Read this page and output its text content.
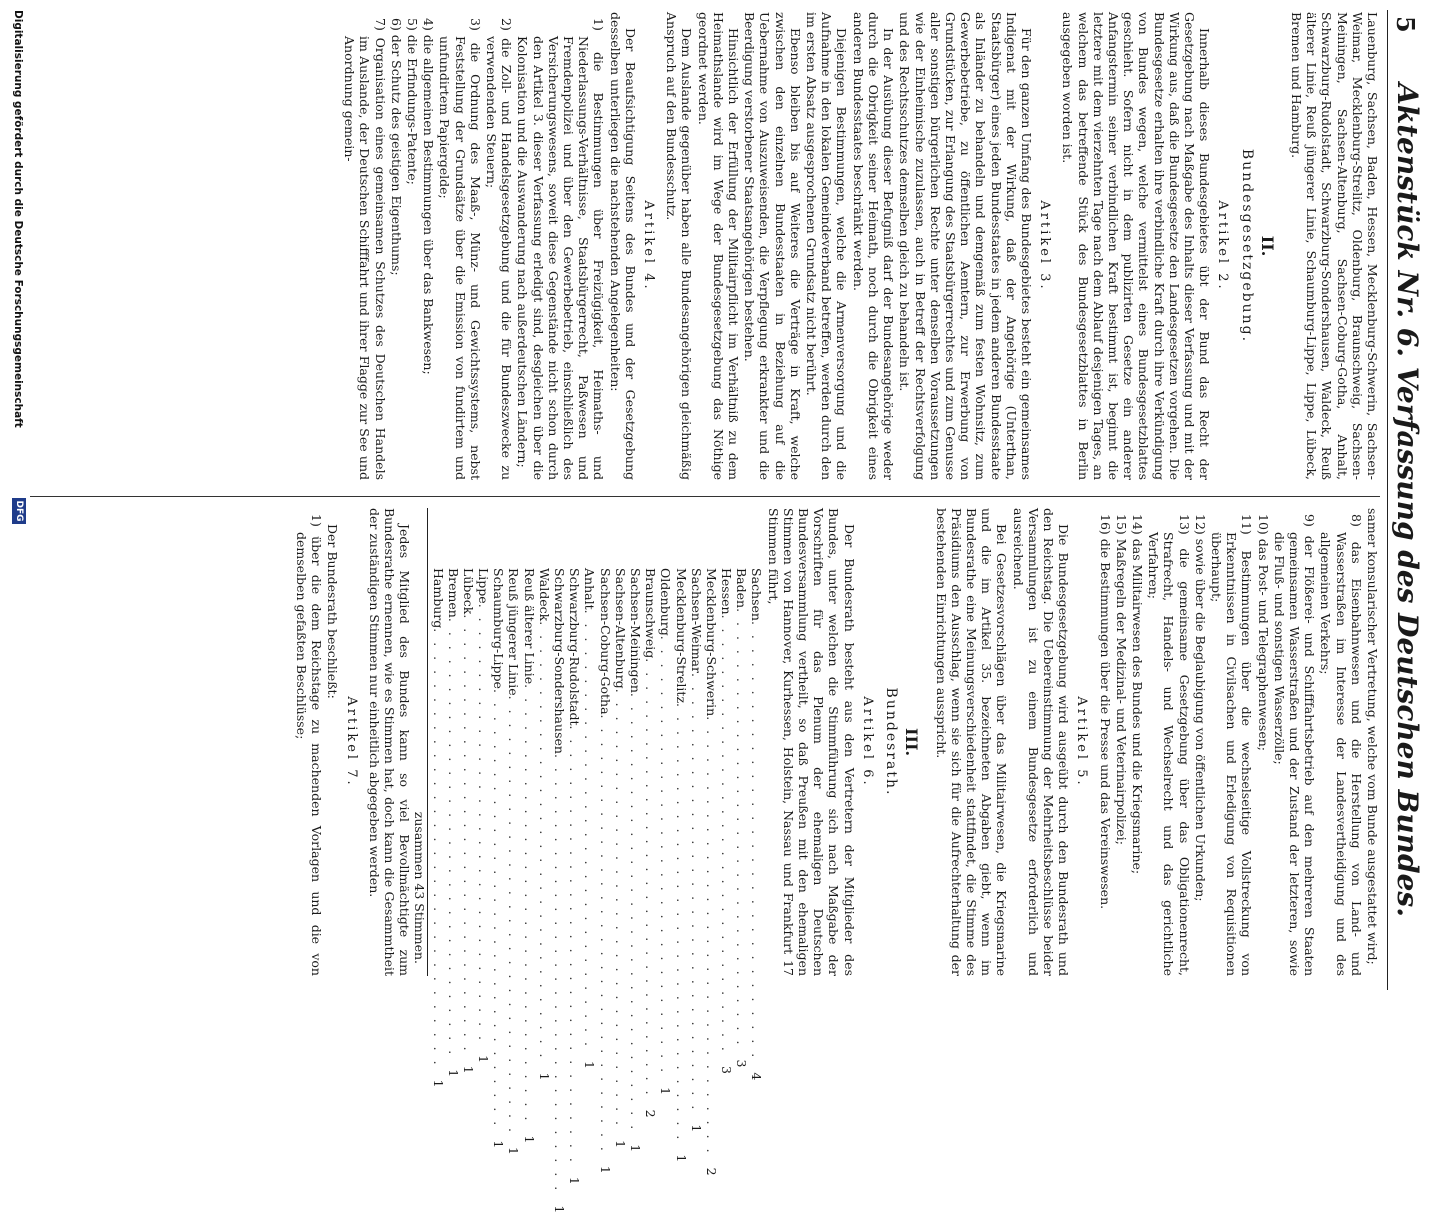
5
Aktenstück Nr. 6. Verfassung des Deutschen Bundes.

Lauenburg, Sachsen, Baden, Hessen, Mecklenburg-Schwerin, Sachsen-Weimar, Mecklenburg-Strelitz, Oldenburg, Braunschweig, Sachsen-Meiningen, Sachsen-Altenburg, Sachsen-Coburg-Gotha, Anhalt, Schwarzburg-Rudolstadt, Schwarzburg-Sondershausen, Waldeck, Reuß älterer Linie, Reuß jüngerer Linie, Schaumburg-Lippe, Lippe, Lübeck, Bremen und Hamburg.

II.
Bundesgesetzgebung.
Artikel 2.

Innerhalb dieses Bundesgebietes übt der Bund das Recht der Gesetzgebung nach Maßgabe des Inhalts dieser Verfassung und mit der Wirkung aus, daß die Bundesgesetze den Landesgesetzen vorgehen. Die Bundesgesetze erhalten ihre verbindliche Kraft durch ihre Verkündigung von Bundes wegen, welche vermittelst eines Bundesgesetzblattes geschieht. Sofern nicht in dem publizirten Gesetze ein anderer Anfangstermin seiner verbindlichen Kraft bestimmt ist, beginnt die letztere mit dem vierzehnten Tage nach dem Ablauf desjenigen Tages, an welchem das betreffende Stück des Bundesgesetzblattes in Berlin ausgegeben worden ist.

Artikel 3.

Für den ganzen Umfang des Bundesgebietes besteht ein gemeinsames Indigenat mit der Wirkung, daß der Angehörige (Unterthan, Staatsbürger) eines jeden Bundesstaates in jedem anderen Bundesstaate als Inländer zu behandeln und demgemäß zum festen Wohnsitz, zum Gewerbebetriebe, zu öffentlichen Aemtern, zur Erwerbung von Grundstücken, zur Erlangung des Staatsbürgerrechtes und zum Genusse aller sonstigen bürgerlichen Rechte unter denselben Voraussetzungen wie der Einheimische zuzulassen, auch in Betreff der Rechtsverfolgung und des Rechtsschutzes demselben gleich zu behandeln ist.

In der Ausübung dieser Befugniß darf der Bundesangehörige weder durch die Obrigkeit seiner Heimath, noch durch die Obrigkeit eines anderen Bundesstaates beschränkt werden.

Diejenigen Bestimmungen, welche die Armenversorgung und die Aufnahme in den lokalen Gemeindeverband betreffen, werden durch den im ersten Absatz ausgesprochenen Grundsatz nicht berührt.

Ebenso bleiben bis auf Weiteres die Verträge in Kraft, welche zwischen den einzelnen Bundesstaaten in Beziehung auf die Uebernahme von Auszuweisenden, die Verpflegung erkrankter und die Beerdigung verstorbener Staatsangehörigen bestehen.

Hinsichtlich der Erfüllung der Militairpflicht im Verhältniß zu dem Heimathslande wird im Wege der Bundesgesetzgebung das Nöthige geordnet werden.

Dem Auslande gegenüber haben alle Bundesangehörigen gleichmäßig Anspruch auf den Bundesschutz.

Artikel 4.

Der Beaufsichtigung Seitens des Bundes und der Gesetzgebung desselben unterliegen die nachstehenden Angelegenheiten:

1) die Bestimmungen über Freizügigkeit, Heimaths- und Niederlassungs-Verhältnisse, Staatsbürgerrecht, Paßwesen und Fremdenpolizei und über den Gewerbebetrieb, einschließlich des Versicherungswesens, soweit diese Gegenstände nicht schon durch den Artikel 3. dieser Verfassung erledigt sind, desgleichen über die Kolonisation und die Auswanderung nach außerdeutschen Ländern;

2) die Zoll- und Handelsgesetzgebung und die für Bundeszwecke zu verwendenden Steuern;

3) die Ordnung des Maaß-, Münz- und Gewichtssystems, nebst Feststellung der Grundsätze über die Emission von fundirtem und unfundirtem Papiergelde;

4) die allgemeinen Bestimmungen über das Bankwesen;

5) die Erfindungs-Patente;

6) der Schutz des geistigen Eigenthums;

7) Organisation eines gemeinsamen Schutzes des Deutschen Handels im Auslande, der Deutschen Schifffahrt und ihrer Flagge zur See und Anordnung gemein-

samer konsularischer Vertretung, welche vom Bunde ausgestattet wird;

8) das Eisenbahnwesen und die Herstellung von Land- und Wasserstraßen im Interesse der Landesvertheidigung und des allgemeinen Verkehrs;

9) der Flößerei- und Schifffahrtsbetrieb auf den mehreren Staaten gemeinsamen Wasserstraßen und der Zustand der letzteren, sowie die Fluß- und sonstigen Wasserzölle;

10) das Post- und Telegraphenwesen;

11) Bestimmungen über die wechselseitige Vollstreckung von Erkenntnissen in Civilsachen und Erledigung von Requisitionen überhaupt;

12) sowie über die Beglaubigung von öffentlichen Urkunden;

13) die gemeinsame Gesetzgebung über das Obligationenrecht, Strafrecht, Handels- und Wechselrecht und das gerichtliche Verfahren;

14) das Militairwesen des Bundes und die Kriegsmarine;

15) Maßregeln der Medizinal- und Veterinairpolizei;

16) die Bestimmungen über die Presse und das Vereinswesen.

Artikel 5.

Die Bundesgesetzgebung wird ausgeübt durch den Bundesrath und den Reichstag. Die Uebereinstimmung der Mehrheitsbeschlüsse beider Versammlungen ist zu einem Bundesgesetze erforderlich und ausreichend.

Bei Gesetzesvorschlägen über das Militairwesen, die Kriegsmarine und die im Artikel 35. bezeichneten Abgaben giebt, wenn im Bundesrathe eine Meinungsverschiedenheit stattfindet, die Stimme des Präsidiums den Ausschlag, wenn sie sich für die Aufrechterhaltung der bestehenden Einrichtungen ausspricht.

III.
Bundesrath.
Artikel 6.

Der Bundesrath besteht aus den Vertretern der Mitglieder des Bundes, unter welchen die Stimmführung sich nach Maßgabe der Vorschriften für das Plenum der ehemaligen Deutschen Bundesversammlung vertheilt, so daß Preußen mit den ehemaligen Stimmen von Hannover, Kurhessen, Holstein, Nassau und Frankfurt 17 Stimmen führt,

Sachsen
. . . . . . . . . . . . . . . . . . . . . . . . . . . . . . . .
4
Baden
. . . . . . . . . . . . . . . . . . . . . . . . . . . . . . . .
3
Hessen
. . . . . . . . . . . . . . . . . . . . . . . . . . . . . . . .
3
Mecklenburg-Schwerin
. . . . . . . . . . . . . . . . . . . . . . . . . . . . . . . .
2
Sachsen-Weimar
. . . . . . . . . . . . . . . . . . . . . . . . . . . . . . . .
1
Mecklenburg-Strelitz
. . . . . . . . . . . . . . . . . . . . . . . . . . . . . . . .
1
Oldenburg
. . . . . . . . . . . . . . . . . . . . . . . . . . . . . . . .
1
Braunschweig
. . . . . . . . . . . . . . . . . . . . . . . . . . . . . . . .
2
Sachsen-Meiningen
. . . . . . . . . . . . . . . . . . . . . . . . . . . . . . . .
1
Sachsen-Altenburg
. . . . . . . . . . . . . . . . . . . . . . . . . . . . . . . .
1
Sachsen-Coburg-Gotha
. . . . . . . . . . . . . . . . . . . . . . . . . . . . . . . .
1
Anhalt
. . . . . . . . . . . . . . . . . . . . . . . . . . . . . . . .
1
Schwarzburg-Rudolstadt
. . . . . . . . . . . . . . . . . . . . . . . . . . . . . . . .
1
Schwarzburg-Sondershausen
. . . . . . . . . . . . . . . . . . . . . . . . . . . . . . . .
1
Waldeck
. . . . . . . . . . . . . . . . . . . . . . . . . . . . . . . .
1
Reuß älterer Linie
. . . . . . . . . . . . . . . . . . . . . . . . . . . . . . . .
1
Reuß jüngerer Linie
. . . . . . . . . . . . . . . . . . . . . . . . . . . . . . . .
1
Schaumburg-Lippe
. . . . . . . . . . . . . . . . . . . . . . . . . . . . . . . .
1
Lippe
. . . . . . . . . . . . . . . . . . . . . . . . . . . . . . . .
1
Lübeck
. . . . . . . . . . . . . . . . . . . . . . . . . . . . . . . .
1
Bremen
. . . . . . . . . . . . . . . . . . . . . . . . . . . . . . . .
1
Hamburg
. . . . . . . . . . . . . . . . . . . . . . . . . . . . . . . .
1
zusammen 43 Stimmen.

Jedes Mitglied des Bundes kann so viel Bevollmächtigte zum Bundesrathe ernennen, wie es Stimmen hat, doch kann die Gesammtheit der zuständigen Stimmen nur einheitlich abgegeben werden.

Artikel 7.

Der Bundesrath beschließt:

1) über die dem Reichstage zu machenden Vorlagen und die von demselben gefaßten Beschlüsse;

Digitalisierung gefördert durch die Deutsche Forschungsgemeinschaft
DFG
